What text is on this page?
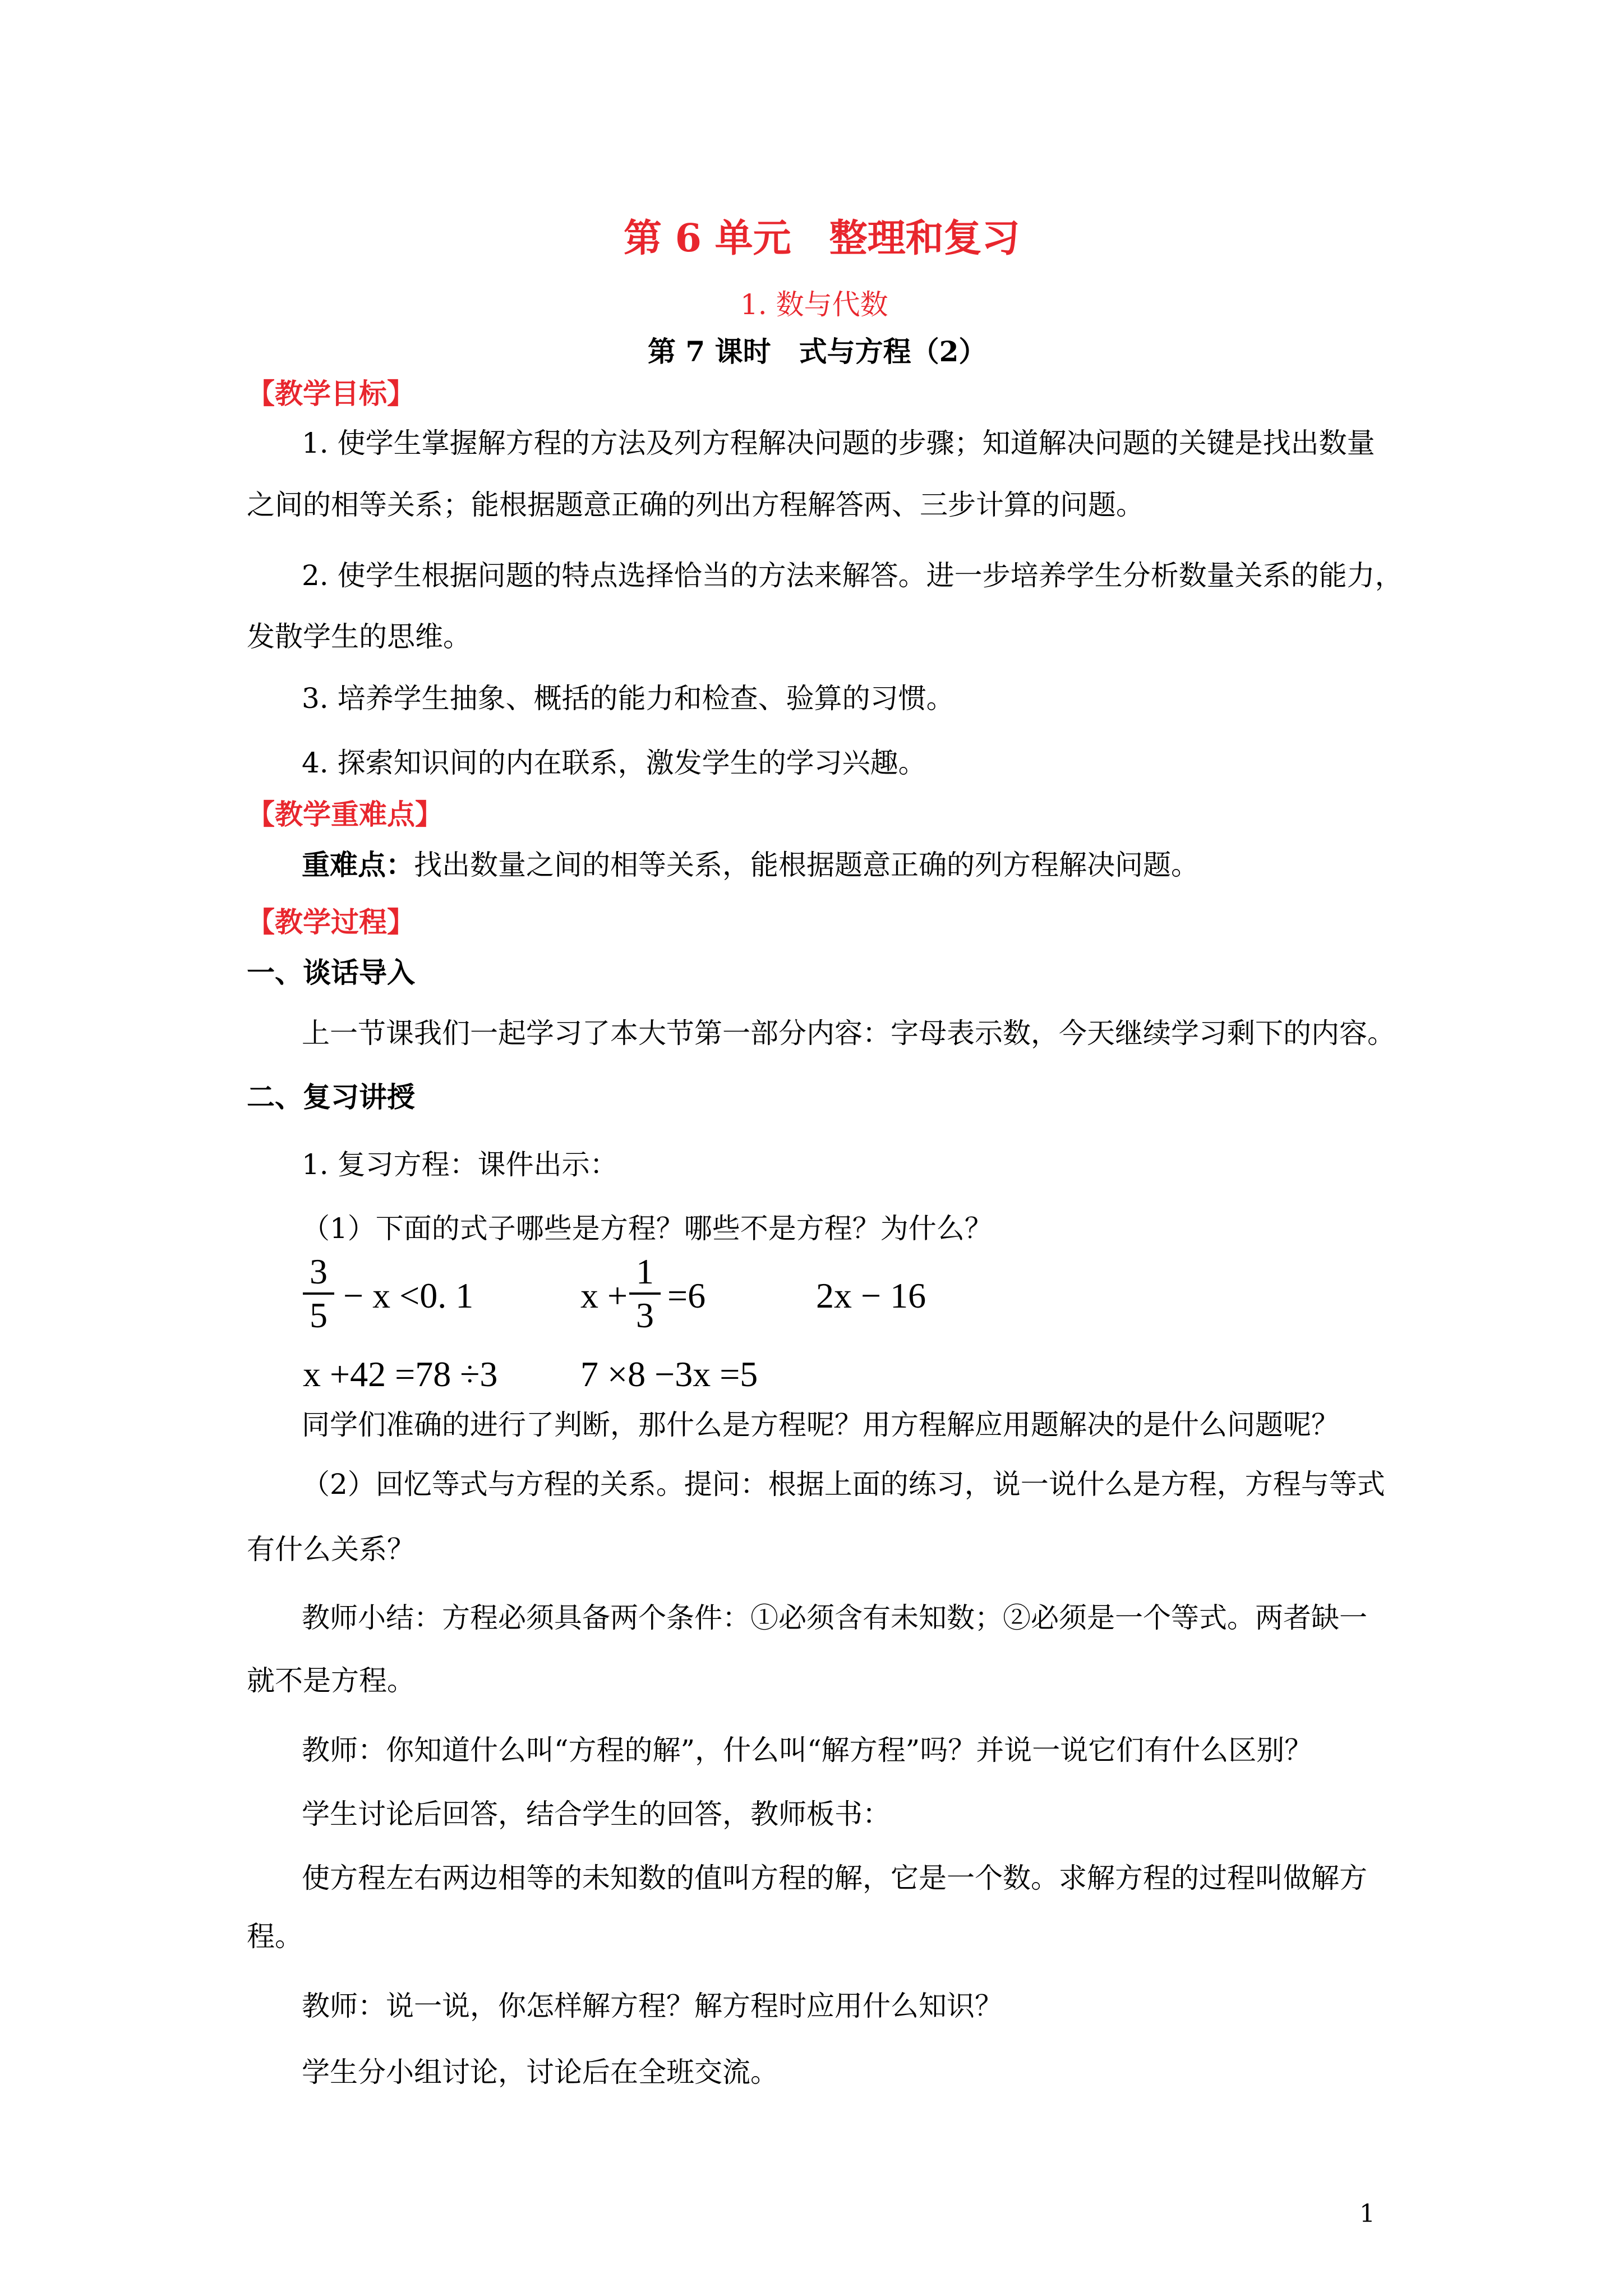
第 6 单元　整理和复习
1. 数与代数
第 7 课时　式与方程（2）
【教学目标】
1. 使学生掌握解方程的方法及列方程解决问题的步骤；知道解决问题的关键是找出数量
之间的相等关系；能根据题意正确的列出方程解答两、三步计算的问题。
2. 使学生根据问题的特点选择恰当的方法来解答。进一步培养学生分析数量关系的能力，
发散学生的思维。
3. 培养学生抽象、概括的能力和检查、验算的习惯。
4. 探索知识间的内在联系，激发学生的学习兴趣。
【教学重难点】
重难点：找出数量之间的相等关系，能根据题意正确的列方程解决问题。
【教学过程】
一、谈话导入
上一节课我们一起学习了本大节第一部分内容：字母表示数，今天继续学习剩下的内容。
二、复习讲授
1. 复习方程：课件出示：
（1）下面的式子哪些是方程？哪些不是方程？为什么？
3
5 − x <0. 1	x +
1
3 =6	2x − 16
x +42 =78 ÷3 7 ×8 −3x =5
同学们准确的进行了判断，那什么是方程呢？用方程解应用题解决的是什么问题呢？
（2）回忆等式与方程的关系。提问：根据上面的练习，说一说什么是方程，方程与等式
有什么关系？
教师小结：方程必须具备两个条件：①必须含有未知数；②必须是一个等式。两者缺一
就不是方程。
教师：你知道什么叫“方程的解”，什么叫“解方程”吗？并说一说它们有什么区别？
学生讨论后回答，结合学生的回答，教师板书：
使方程左右两边相等的未知数的值叫方程的解，它是一个数。求解方程的过程叫做解方
程。
教师：说一说，你怎样解方程？解方程时应用什么知识？
学生分小组讨论，讨论后在全班交流。
1
